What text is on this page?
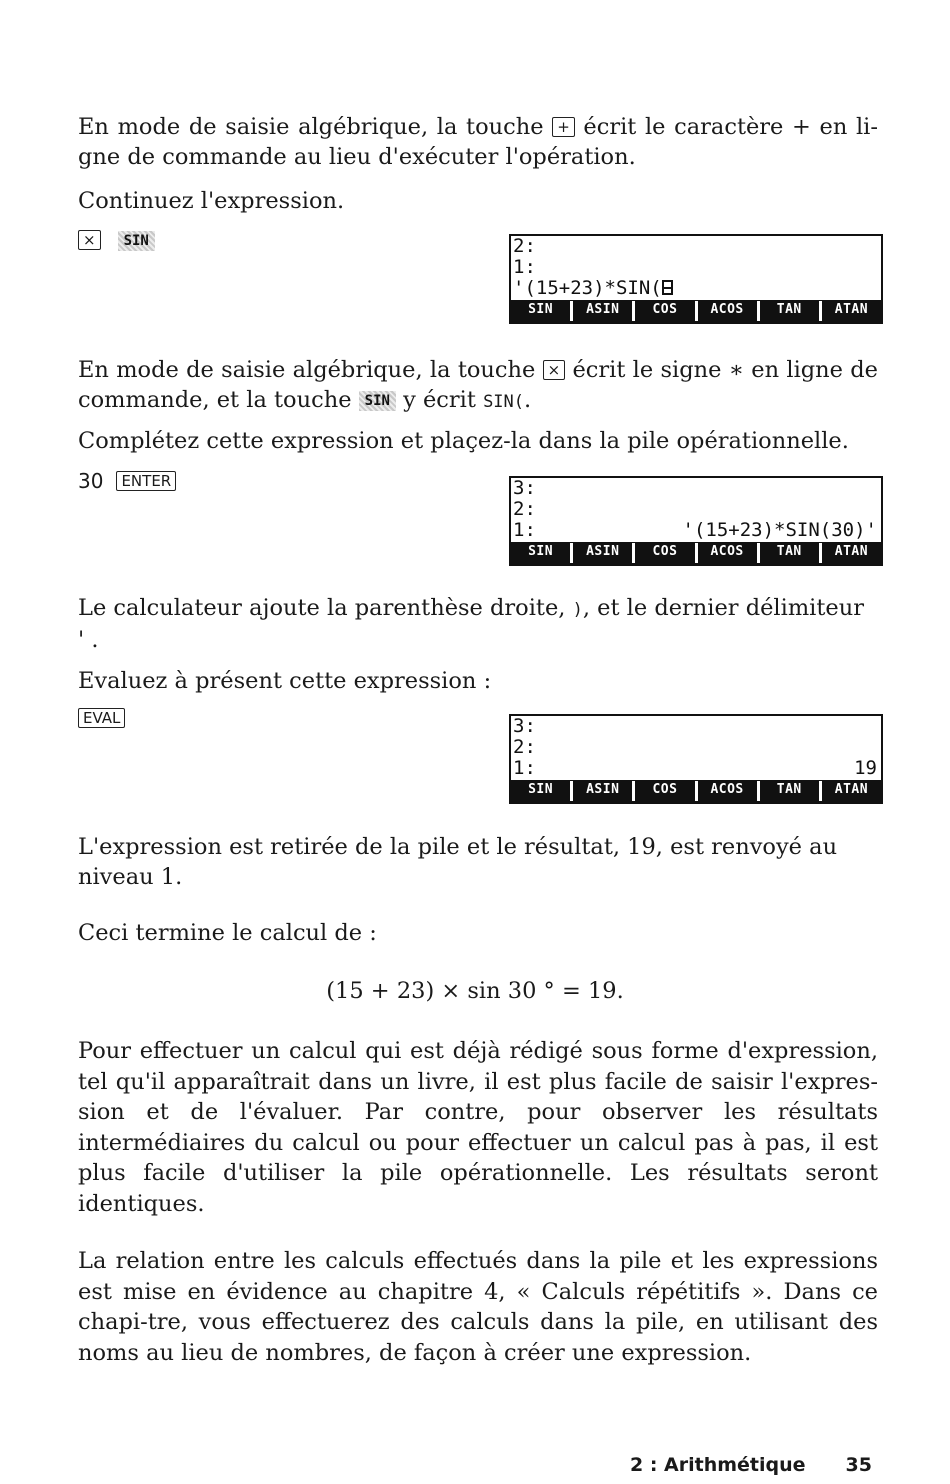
En mode de saisie algébrique, la touche + écrit le caractère + en li-gne de commande au lieu d'exécuter l'opération.

Continuez l'expression.

× SIN	2:
1:
'(15+23)*SIN(
SIN	ASIN	COS	ACOS	TAN	ATAN

En mode de saisie algébrique, la touche × écrit le signe ∗ en ligne de commande, et la touche SIN y écrit SIN(.

Complétez cette expression et plaçez-la dans la pile opérationnelle.

30 ENTER	3:
2:
1:	'(15+23)*SIN(30)'
SIN	ASIN	COS	ACOS	TAN	ATAN

Le calculateur ajoute la parenthèse droite, ), et le dernier délimiteur
' .

Evaluez à présent cette expression :

EVAL	3:
2:
1:	19
SIN	ASIN	COS	ACOS	TAN	ATAN

L'expression est retirée de la pile et le résultat, 19, est renvoyé au niveau 1.

Ceci termine le calcul de :

(15 + 23) × sin 30 ° = 19.

Pour effectuer un calcul qui est déjà rédigé sous forme d'expression, tel qu'il apparaîtrait dans un livre, il est plus facile de saisir l'expres-sion et de l'évaluer. Par contre, pour observer les résultats intermédiaires du calcul ou pour effectuer un calcul pas à pas, il est plus facile d'utiliser la pile opérationnelle. Les résultats seront identiques.

La relation entre les calculs effectués dans la pile et les expressions est mise en évidence au chapitre 4, « Calculs répétitifs ». Dans ce chapi-tre, vous effectuerez des calculs dans la pile, en utilisant des noms au lieu de nombres, de façon à créer une expression.

2 : Arithmétique 35
